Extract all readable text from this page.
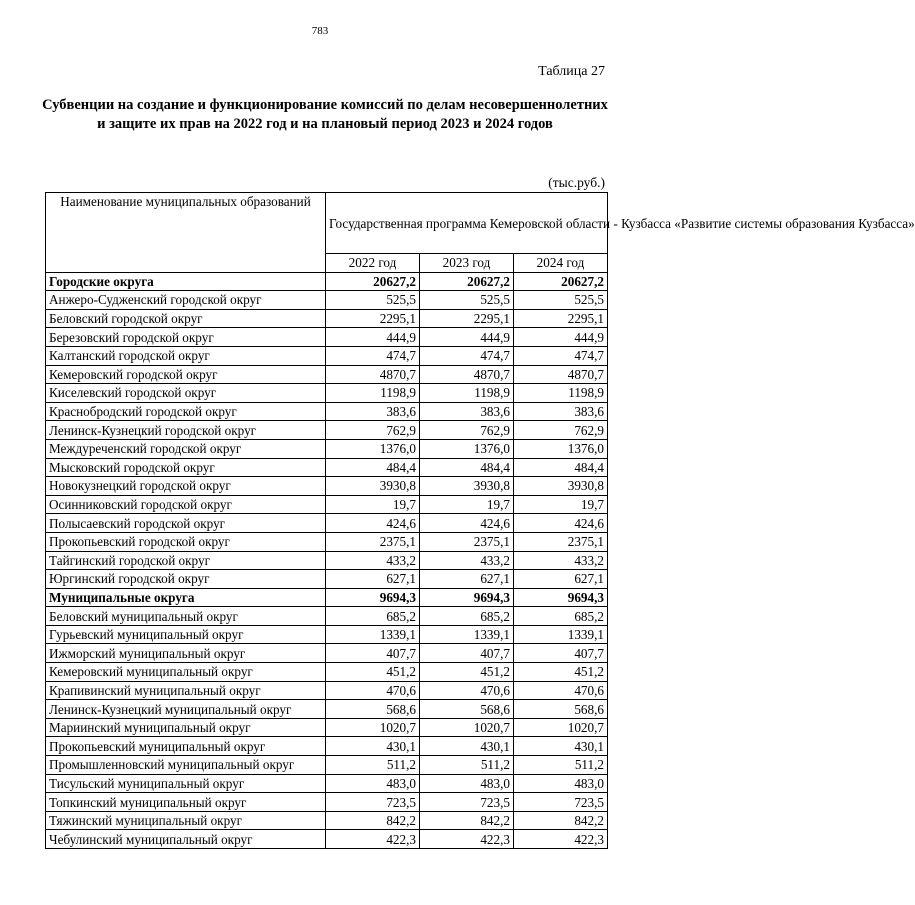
783
Таблица 27
Субвенции на создание и функционирование комиссий по делам несовершеннолетних
и защите их прав на 2022 год и на плановый период 2023 и 2024 годов
(тыс.руб.)
Наименование муниципальных образований	Государственная программа Кемеровской области - Кузбасса «Развитие системы образования Кузбасса»		
	2022 год	2023 год	2024 год
Городские округа	20627,2	20627,2	20627,2
Анжеро-Судженский городской округ	525,5	525,5	525,5
Беловский городской округ	2295,1	2295,1	2295,1
Березовский городской округ	444,9	444,9	444,9
Калтанский городской округ	474,7	474,7	474,7
Кемеровский городской округ	4870,7	4870,7	4870,7
Киселевский городской округ	1198,9	1198,9	1198,9
Краснобродский городской округ	383,6	383,6	383,6
Ленинск-Кузнецкий городской округ	762,9	762,9	762,9
Междуреченский городской округ	1376,0	1376,0	1376,0
Мысковский городской округ	484,4	484,4	484,4
Новокузнецкий городской округ	3930,8	3930,8	3930,8
Осинниковский городской округ	19,7	19,7	19,7
Полысаевский городской округ	424,6	424,6	424,6
Прокопьевский городской округ	2375,1	2375,1	2375,1
Тайгинский городской округ	433,2	433,2	433,2
Юргинский городской округ	627,1	627,1	627,1
Муниципальные округа	9694,3	9694,3	9694,3
Беловский муниципальный округ	685,2	685,2	685,2
Гурьевский муниципальный округ	1339,1	1339,1	1339,1
Ижморский муниципальный округ	407,7	407,7	407,7
Кемеровский муниципальный округ	451,2	451,2	451,2
Крапивинский муниципальный округ	470,6	470,6	470,6
Ленинск-Кузнецкий муниципальный округ	568,6	568,6	568,6
Мариинский муниципальный округ	1020,7	1020,7	1020,7
Прокопьевский муниципальный округ	430,1	430,1	430,1
Промышленновский муниципальный округ	511,2	511,2	511,2
Тисульский муниципальный округ	483,0	483,0	483,0
Топкинский муниципальный округ	723,5	723,5	723,5
Тяжинский муниципальный округ	842,2	842,2	842,2
Чебулинский муниципальный округ	422,3	422,3	422,3
